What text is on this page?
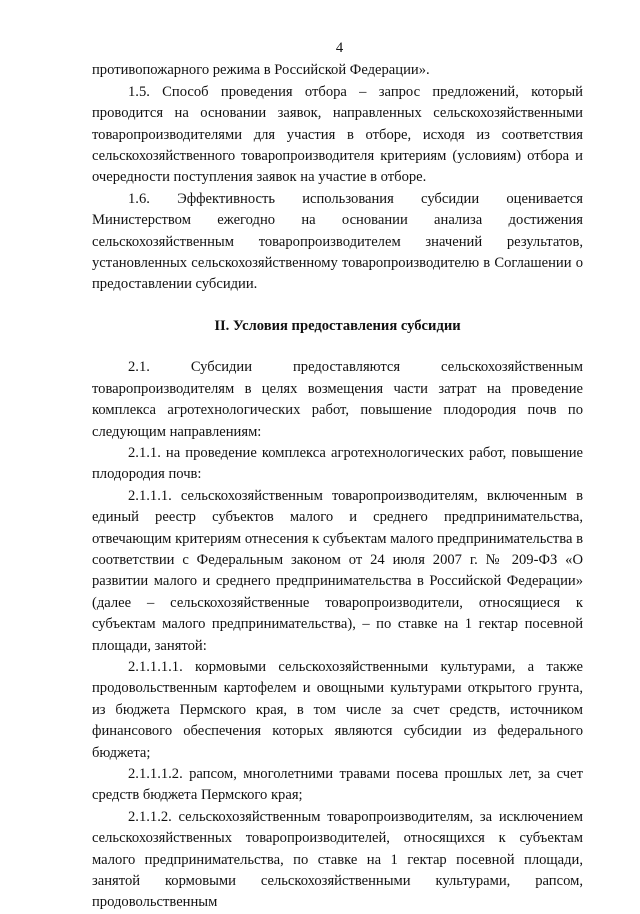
4

противопожарного режима в Российской Федерации».

1.5. Способ проведения отбора – запрос предложений, который проводится на основании заявок, направленных сельскохозяйственными товаропроизводителями для участия в отборе, исходя из соответствия сельскохозяйственного товаропроизводителя критериям (условиям) отбора и очередности поступления заявок на участие в отборе.

1.6. Эффективность использования субсидии оценивается Министерством ежегодно на основании анализа достижения сельскохозяйственным товаропроизводителем значений результатов, установленных сельскохозяйственному товаропроизводителю в Соглашении о предоставлении субсидии.

II. Условия предоставления субсидии

2.1. Субсидии предоставляются сельскохозяйственным товаропроизводителям в целях возмещения части затрат на проведение комплекса агротехнологических работ, повышение плодородия почв по следующим направлениям:

2.1.1. на проведение комплекса агротехнологических работ, повышение плодородия почв:

2.1.1.1. сельскохозяйственным товаропроизводителям, включенным в единый реестр субъектов малого и среднего предпринимательства, отвечающим критериям отнесения к субъектам малого предпринимательства в соответствии с Федеральным законом от 24 июля 2007 г. № 209-ФЗ «О развитии малого и среднего предпринимательства в Российской Федерации» (далее – сельскохозяйственные товаропроизводители, относящиеся к субъектам малого предпринимательства), – по ставке на 1 гектар посевной площади, занятой:

2.1.1.1.1. кормовыми сельскохозяйственными культурами, а также продовольственным картофелем и овощными культурами открытого грунта, из бюджета Пермского края, в том числе за счет средств, источником финансового обеспечения которых являются субсидии из федерального бюджета;

2.1.1.1.2. рапсом, многолетними травами посева прошлых лет, за счет средств бюджета Пермского края;

2.1.1.2. сельскохозяйственным товаропроизводителям, за исключением сельскохозяйственных товаропроизводителей, относящихся к субъектам малого предпринимательства, по ставке на 1 гектар посевной площади, занятой кормовыми сельскохозяйственными культурами, рапсом, продовольственным
